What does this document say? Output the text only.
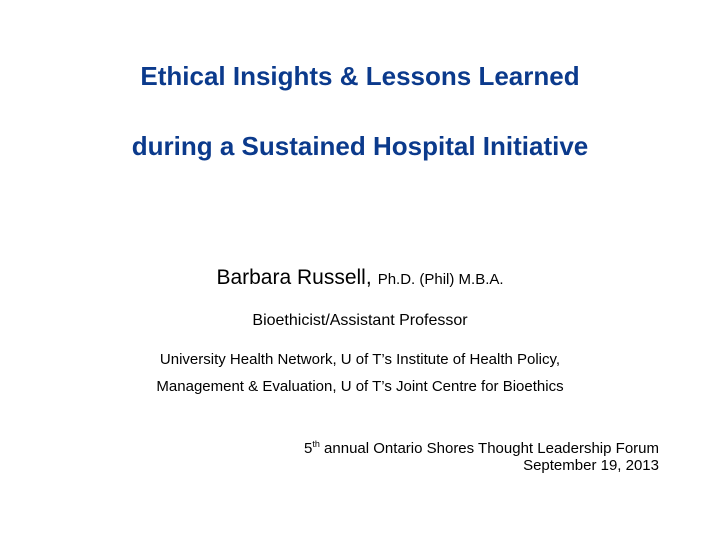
Ethical Insights & Lessons Learned
during a Sustained Hospital Initiative
Barbara Russell, Ph.D. (Phil) M.B.A.
Bioethicist/Assistant Professor
University Health Network, U of T’s Institute of Health Policy,
Management & Evaluation, U of T’s Joint Centre for Bioethics
5th annual Ontario Shores Thought Leadership Forum
September 19, 2013
